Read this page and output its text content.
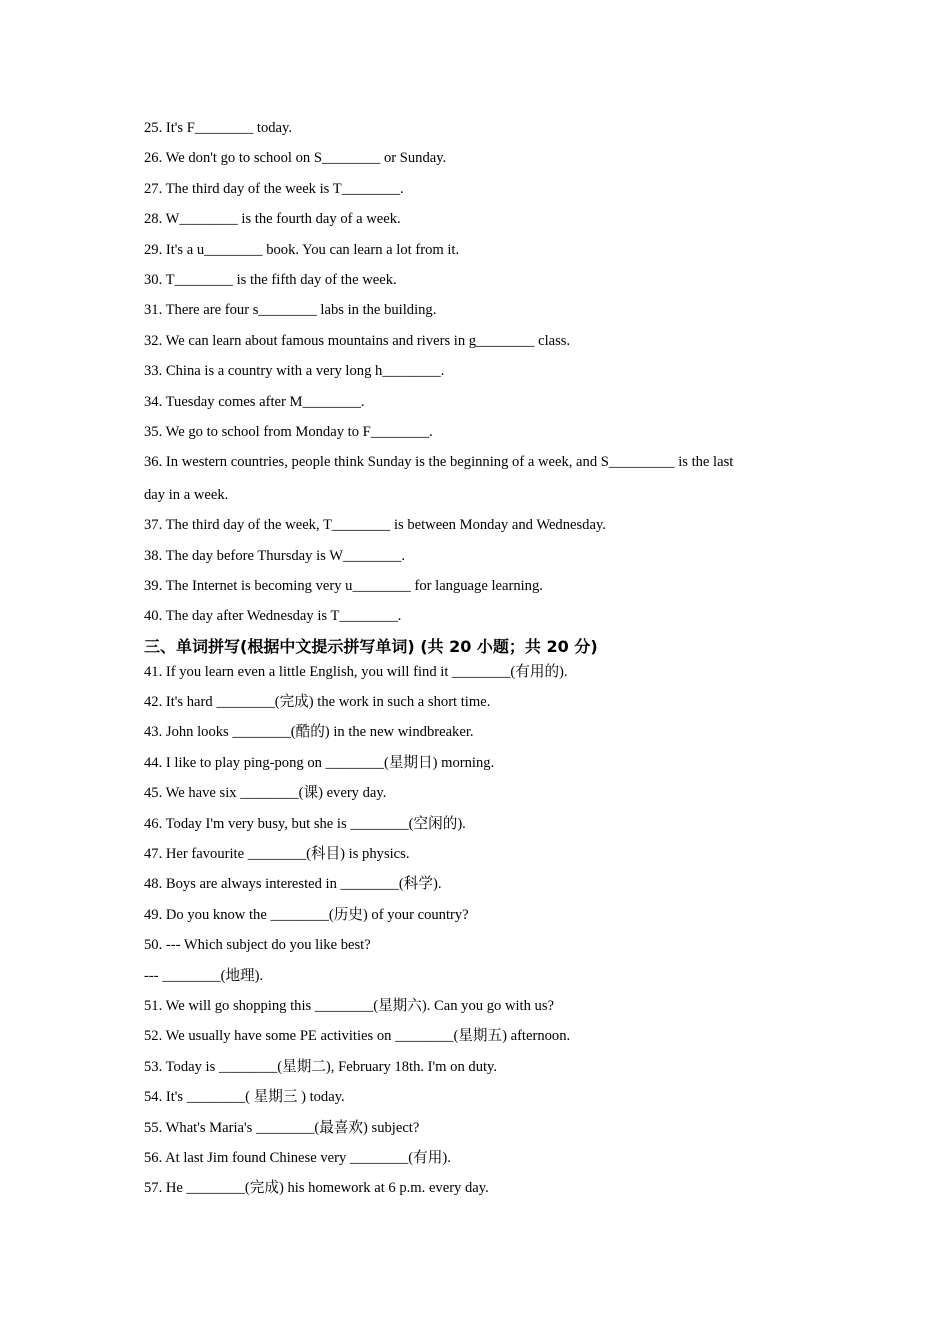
25. It's F________ today.
26. We don't go to school on S________ or Sunday.
27. The third day of the week is T________.
28. W________ is the fourth day of a week.
29. It's a u________ book. You can learn a lot from it.
30. T________ is the fifth day of the week.
31. There are four s________ labs in the building.
32. We can learn about famous mountains and rivers in g________ class.
33. China is a country with a very long h________.
34. Tuesday comes after M________.
35. We go to school from Monday to F________.
36. In western countries, people think Sunday is the beginning of a week, and S_________ is the last
day in a week.
37. The third day of the week, T________ is between Monday and Wednesday.
38. The day before Thursday is W________.
39. The Internet is becoming very u________ for language learning.
40. The day after Wednesday is T________.
三、单词拼写(根据中文提示拼写单词) (共 20 小题；共 20 分)
41. If you learn even a little English, you will find it ________(有用的).
42. It's hard ________(完成) the work in such a short time.
43. John looks ________(酷的) in the new windbreaker.
44. I like to play ping-pong on ________(星期日) morning.
45. We have six ________(课) every day.
46. Today I'm very busy, but she is ________(空闲的).
47. Her favourite ________(科目) is physics.
48. Boys are always interested in ________(科学).
49. Do you know the ________(历史) of your country?
50. --- Which subject do you like best?
--- ________(地理).
51. We will go shopping this ________(星期六). Can you go with us?
52. We usually have some PE activities on ________(星期五) afternoon.
53. Today is ________(星期二), February 18th. I'm on duty.
54. It's ________( 星期三 ) today.
55. What's Maria's ________(最喜欢) subject?
56. At last Jim found Chinese very ________(有用).
57. He ________(完成) his homework at 6 p.m. every day.
